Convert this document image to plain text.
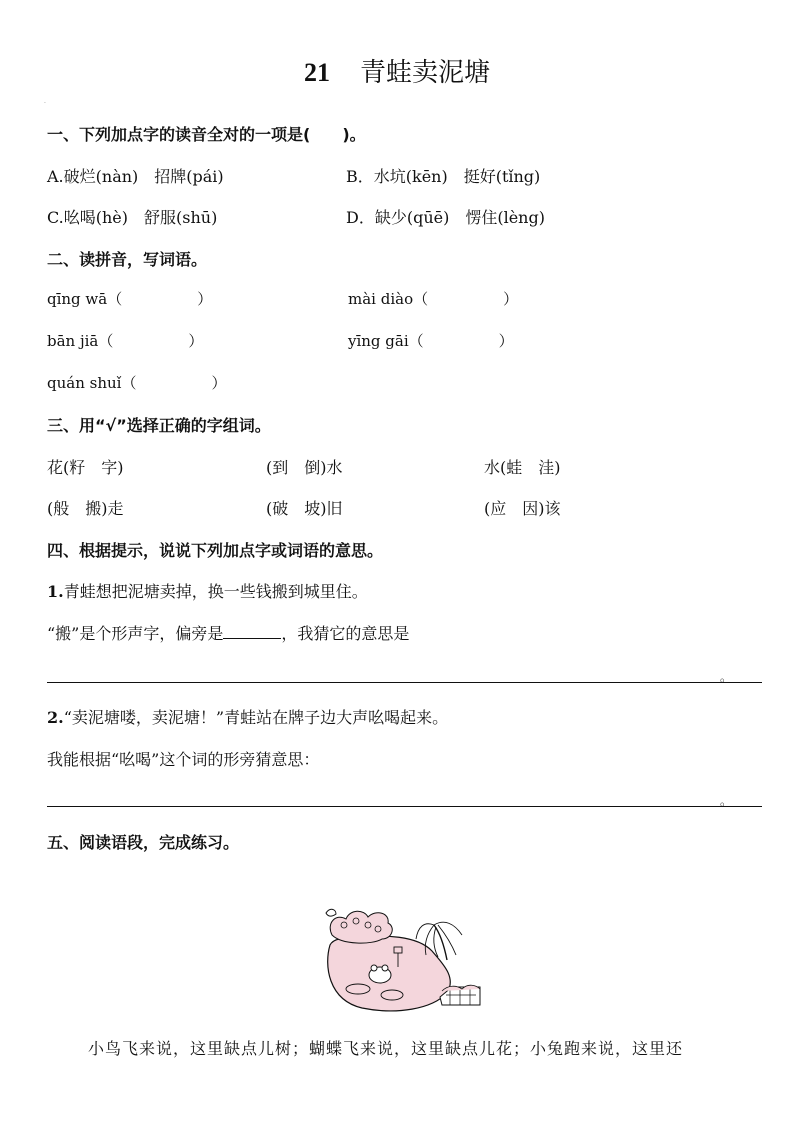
.
21 青蛙卖泥塘
一、下列加点字的读音全对的一项是(　　)。
A.破烂(nàn)　招牌(pái)	B．水坑(kēn)　挺好(tǐng)
C.吆喝(hè)　舒服(shū)	D．缺少(qūē)　愣住(lèng)
二、读拼音，写词语。
qīng wā（　　　　　）	mài diào（　　　　　）
bān jiā（　　　　　）	yīng gāi（　　　　　）
quán shuǐ（　　　　　）
三、用“√”选择正确的字组词。
花(籽　字)	(到　倒)水	水(蛙　洼)
(般　搬)走	(破　坡)旧	(应　因)该
四、根据提示，说说下列加点字或词语的意思。
1.青蛙想把泥塘卖掉，换一些钱搬到城里住。
“搬”是个形声字，偏旁是	，我猜它的意思是
。
2.“卖泥塘喽，卖泥塘！”青蛙站在牌子边大声吆喝起来。
我能根据“吆喝”这个词的形旁猜意思：
。
五、阅读语段，完成练习。
小鸟飞来说，这里缺点儿树；蝴蝶飞来说，这里缺点儿花；小兔跑来说，这里还
